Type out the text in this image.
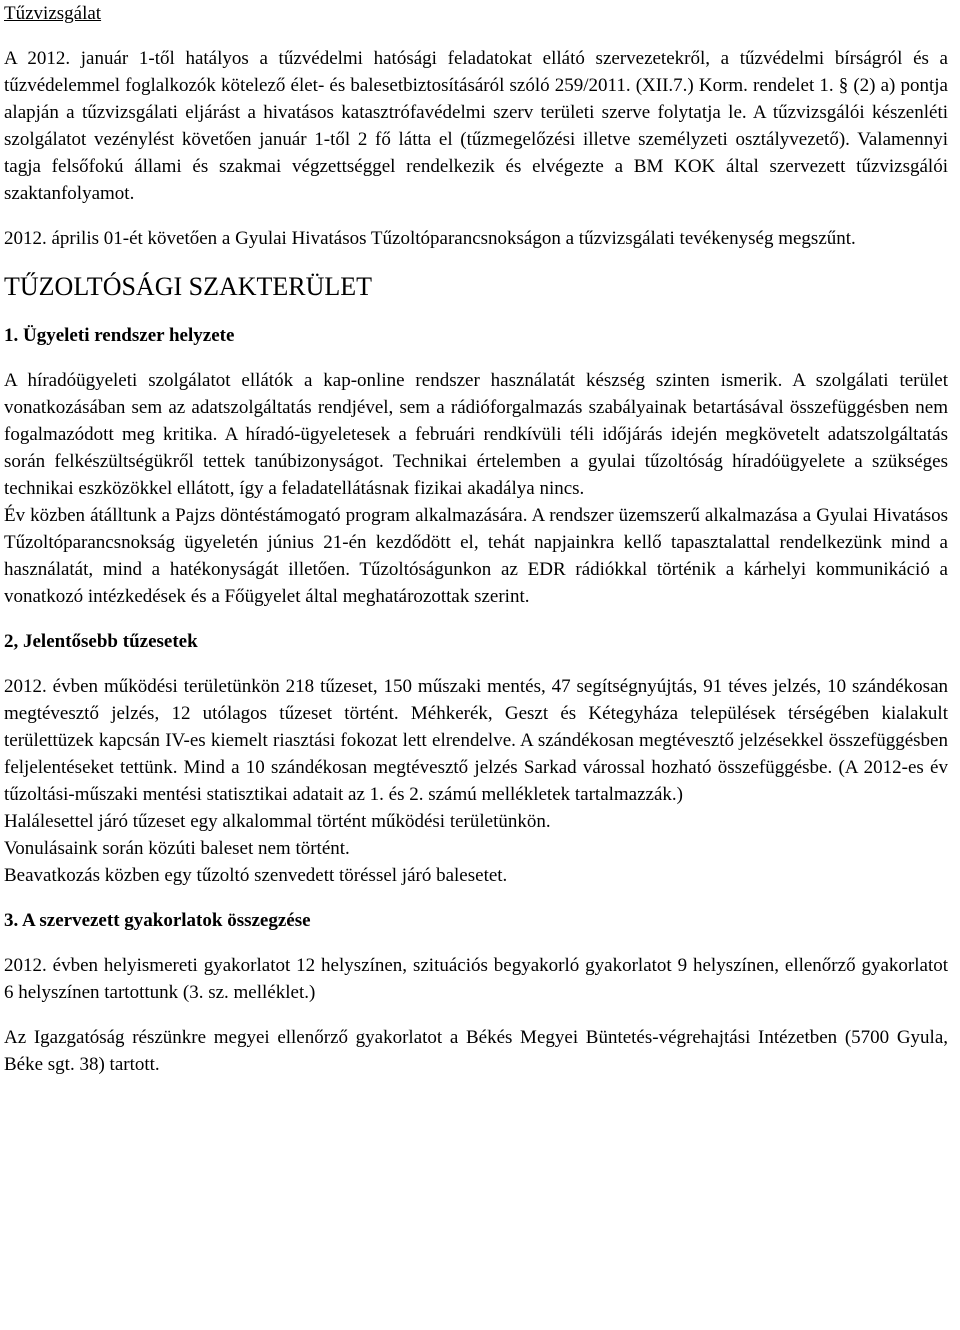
Tűzvizsgálat

A 2012. január 1-től hatályos a tűzvédelmi hatósági feladatokat ellátó szervezetekről, a tűzvédelmi bírságról és a tűzvédelemmel foglalkozók kötelező élet- és balesetbiztosításáról szóló 259/2011. (XII.7.) Korm. rendelet 1. § (2) a) pontja alapján a tűzvizsgálati eljárást a hivatásos katasztrófavédelmi szerv területi szerve folytatja le. A tűzvizsgálói készenléti szolgálatot vezénylést követően január 1-től 2 fő látta el (tűzmegelőzési illetve személyzeti osztályvezető). Valamennyi tagja felsőfokú állami és szakmai végzettséggel rendelkezik és elvégezte a BM KOK által szervezett tűzvizsgálói szaktanfolyamot.

2012. április 01-ét követően a Gyulai Hivatásos Tűzoltóparancsnokságon a tűzvizsgálati tevékenység megszűnt.

TŰZOLTÓSÁGI SZAKTERÜLET
1. Ügyeleti rendszer helyzete

A híradóügyeleti szolgálatot ellátók a kap-online rendszer használatát készség szinten ismerik. A szolgálati terület vonatkozásában sem az adatszolgáltatás rendjével, sem a rádióforgalmazás szabályainak betartásával összefüggésben nem fogalmazódott meg kritika. A híradó-ügyeletesek a februári rendkívüli téli időjárás idején megkövetelt adatszolgáltatás során felkészültségükről tettek tanúbizonyságot. Technikai értelemben a gyulai tűzoltóság híradóügyelete a szükséges technikai eszközökkel ellátott, így a feladatellátásnak fizikai akadálya nincs.

Év közben átálltunk a Pajzs döntéstámogató program alkalmazására. A rendszer üzemszerű alkalmazása a Gyulai Hivatásos Tűzoltóparancsnokság ügyeletén június 21-én kezdődött el, tehát napjainkra kellő tapasztalattal rendelkezünk mind a használatát, mind a hatékonyságát illetően. Tűzoltóságunkon az EDR rádiókkal történik a kárhelyi kommunikáció a vonatkozó intézkedések és a Főügyelet által meghatározottak szerint.

2, Jelentősebb tűzesetek

2012. évben működési területünkön 218 tűzeset, 150 műszaki mentés, 47 segítségnyújtás, 91 téves jelzés, 10 szándékosan megtévesztő jelzés, 12 utólagos tűzeset történt. Méhkerék, Geszt és Kétegyháza települések térségében kialakult területtüzek kapcsán IV-es kiemelt riasztási fokozat lett elrendelve. A szándékosan megtévesztő jelzésekkel összefüggésben feljelentéseket tettünk. Mind a 10 szándékosan megtévesztő jelzés Sarkad várossal hozható összefüggésbe. (A 2012-es év tűzoltási-műszaki mentési statisztikai adatait az 1. és 2. számú mellékletek tartalmazzák.)

Halálesettel járó tűzeset egy alkalommal történt működési területünkön.
Vonulásaink során közúti baleset nem történt.
Beavatkozás közben egy tűzoltó szenvedett töréssel járó balesetet.
3. A szervezett gyakorlatok összegzése

2012. évben helyismereti gyakorlatot 12 helyszínen, szituációs begyakorló gyakorlatot 9 helyszínen, ellenőrző gyakorlatot 6 helyszínen tartottunk (3. sz. melléklet.)

Az Igazgatóság részünkre megyei ellenőrző gyakorlatot a Békés Megyei Büntetés-végrehajtási Intézetben (5700 Gyula, Béke sgt. 38) tartott.
